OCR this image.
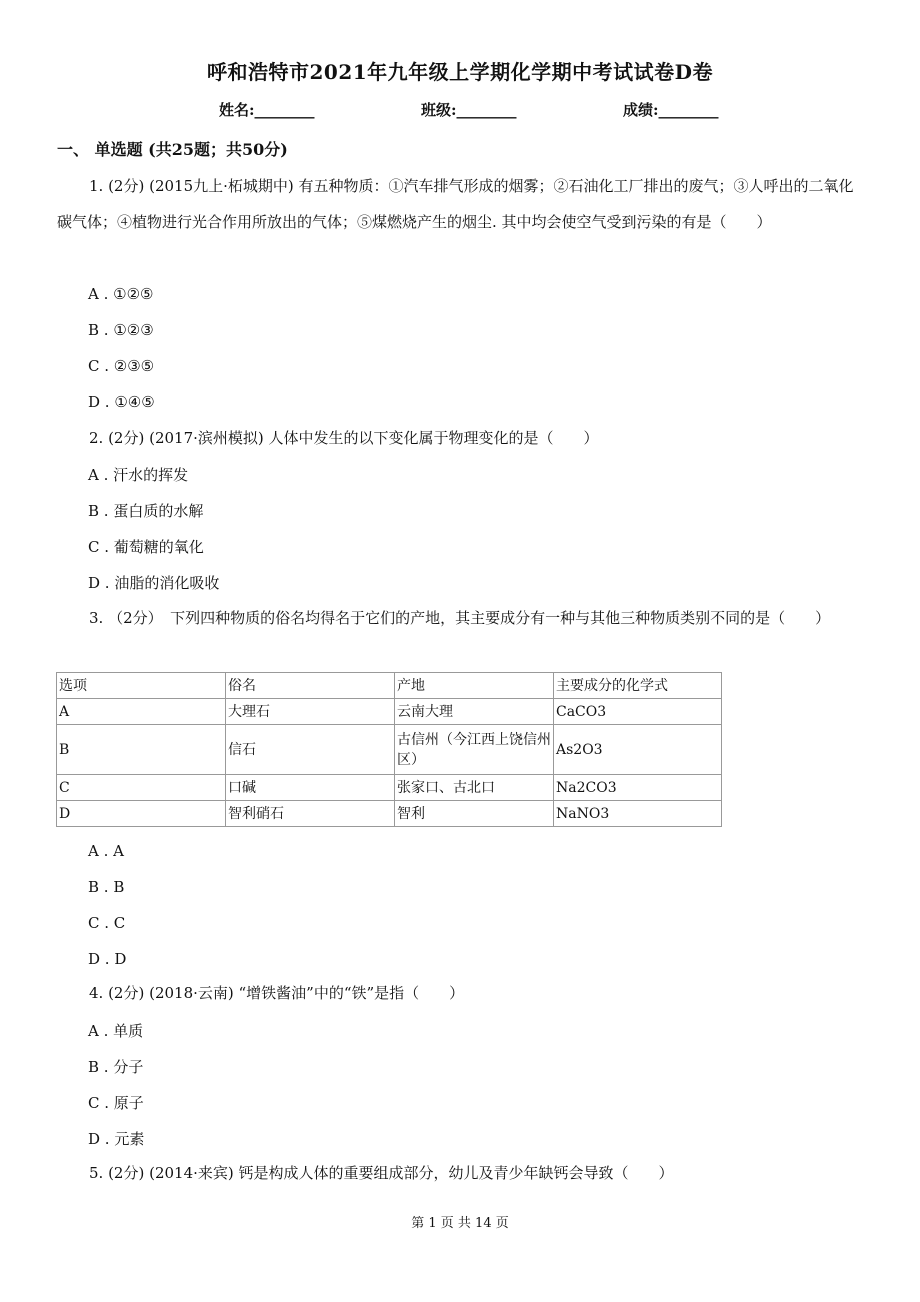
呼和浩特市2021年九年级上学期化学期中考试试卷D卷
姓名:________	班级:________	成绩:________
一、 单选题 (共25题；共50分)
1. (2分) (2015九上·柘城期中) 有五种物质：①汽车排气形成的烟雾；②石油化工厂排出的废气；③人呼出的二氧化碳气体；④植物进行光合作用所放出的气体；⑤煤燃烧产生的烟尘. 其中均会使空气受到污染的有是（　　）
A . ①②⑤
B . ①②③
C . ②③⑤
D . ①④⑤
2. (2分) (2017·滨州模拟) 人体中发生的以下变化属于物理变化的是（　　）
A . 汗水的挥发
B . 蛋白质的水解
C . 葡萄糖的氧化
D . 油脂的消化吸收
3. （2分）　下列四种物质的俗名均得名于它们的产地，其主要成分有一种与其他三种物质类别不同的是（　　）
选项	俗名	产地	主要成分的化学式
A	大理石	云南大理	CaCO3
B	信石	古信州（今江西上饶信州区）	As2O3
C	口碱	张家口、古北口	Na2CO3
D	智利硝石	智利	NaNO3
A . A
B . B
C . C
D . D
4. (2分) (2018·云南) “增铁酱油”中的“铁”是指（　　）
A . 单质
B . 分子
C . 原子
D . 元素
5. (2分) (2014·来宾) 钙是构成人体的重要组成部分，幼儿及青少年缺钙会导致（　　）
第 1 页 共 14 页
